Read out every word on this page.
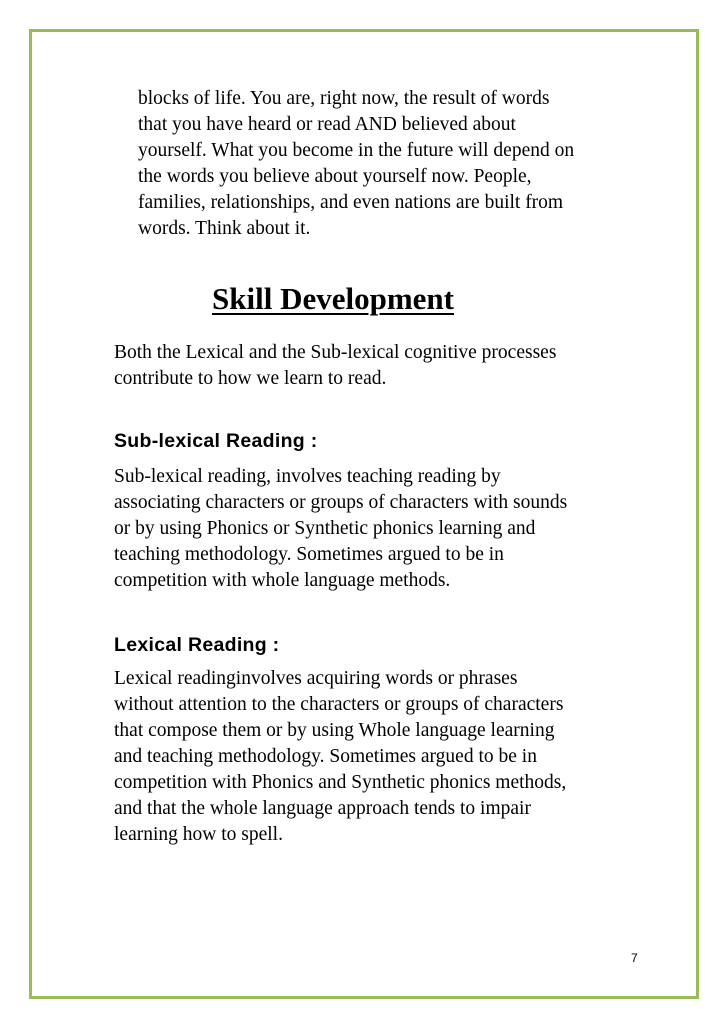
blocks of life. You are, right now, the result of words
that you have heard or read AND believed about
yourself. What you become in the future will depend on
the words you believe about yourself now. People,
families, relationships, and even nations are built from
words. Think about it.
Skill Development
Both the Lexical and the Sub-lexical cognitive processes
contribute to how we learn to read.
Sub-lexical Reading :
Sub-lexical reading, involves teaching reading by
associating characters or groups of characters with sounds
or by using Phonics or Synthetic phonics learning and
teaching methodology. Sometimes argued to be in
competition with whole language methods.
Lexical Reading :
Lexical readinginvolves acquiring words or phrases
without attention to the characters or groups of characters
that compose them or by using Whole language learning
and teaching methodology. Sometimes argued to be in
competition with Phonics and Synthetic phonics methods,
and that the whole language approach tends to impair
learning how to spell.
7
